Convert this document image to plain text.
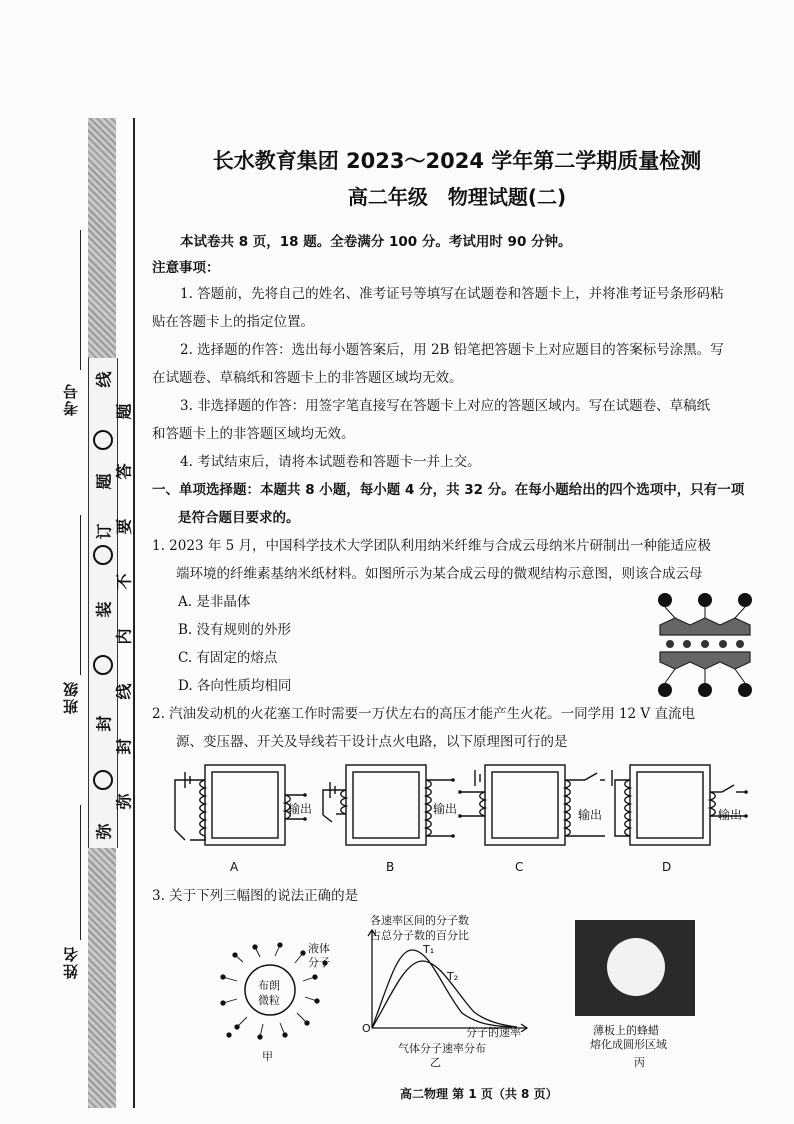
线
题
订
装
封
弥
题
答
要
不
内
线
封
弥
考号
班级
姓名
长水教育集团 2023～2024 学年第二学期质量检测
高二年级　物理试题(二)
本试卷共 8 页，18 题。全卷满分 100 分。考试用时 90 分钟。
注意事项：
1. 答题前，先将自己的姓名、准考证号等填写在试题卷和答题卡上，并将准考证号条形码粘
贴在答题卡上的指定位置。
2. 选择题的作答：选出每小题答案后，用 2B 铅笔把答题卡上对应题目的答案标号涂黑。写
在试题卷、草稿纸和答题卡上的非答题区域均无效。
3. 非选择题的作答：用签字笔直接写在答题卡上对应的答题区域内。写在试题卷、草稿纸
和答题卡上的非答题区域均无效。
4. 考试结束后，请将本试题卷和答题卡一并上交。
一、单项选择题：本题共 8 小题，每小题 4 分，共 32 分。在每小题给出的四个选项中，只有一项
是符合题目要求的。
1. 2023 年 5 月，中国科学技术大学团队利用纳米纤维与合成云母纳米片研制出一种能适应极
端环境的纤维素基纳米纸材料。如图所示为某合成云母的微观结构示意图，则该合成云母
A. 是非晶体
B. 没有规则的外形
C. 有固定的熔点
D. 各向性质均相同
2. 汽油发动机的火花塞工作时需要一万伏左右的高压才能产生火花。一同学用 12 V 直流电
源、变压器、开关及导线若干设计点火电路，以下原理图可行的是
输出
A	B
输出	输出
C
输出
D
3. 关于下列三幅图的说法正确的是
布朗
微粒
液体
分子
甲
各速率区间的分子数
占总分子数的百分比
T₁
T₂
O	分子的速率
气体分子速率分布
乙
薄板上的蜂蜡
熔化成圆形区域
丙
高二物理 第 1 页（共 8 页）
